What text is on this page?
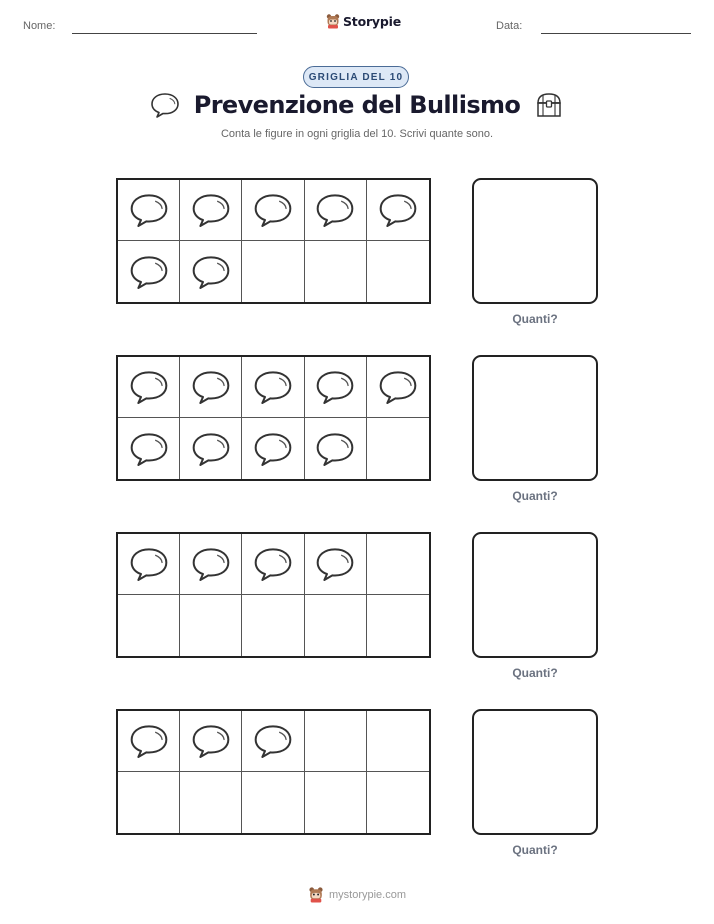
Nome:	Storypie	Data:
GRIGLIA DEL 10
Prevenzione del Bullismo
Conta le figure in ogni griglia del 10. Scrivi quante sono.
Quanti?
Quanti?
Quanti?
Quanti?
mystorypie.com
